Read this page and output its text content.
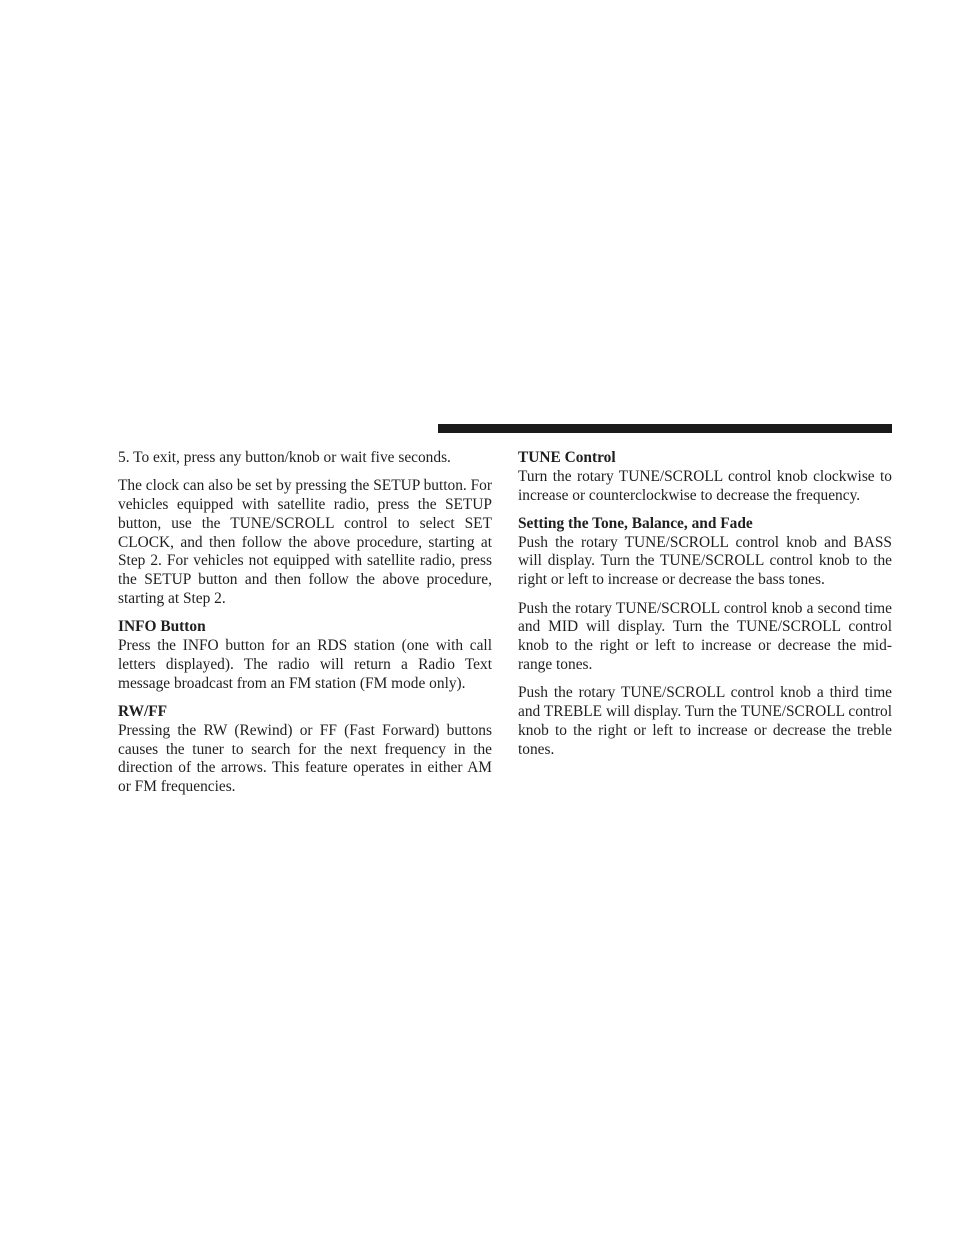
5. To exit, press any button/knob or wait five seconds.

The clock can also be set by pressing the SETUP button. For vehicles equipped with satellite radio, press the SETUP button, use the TUNE/SCROLL control to select SET CLOCK, and then follow the above procedure, starting at Step 2. For vehicles not equipped with satellite radio, press the SETUP button and then follow the above procedure, starting at Step 2.

INFO Button

Press the INFO button for an RDS station (one with call letters displayed). The radio will return a Radio Text message broadcast from an FM station (FM mode only).

RW/FF

Pressing the RW (Rewind) or FF (Fast Forward) buttons causes the tuner to search for the next frequency in the direction of the arrows. This feature operates in either AM or FM frequencies.

TUNE Control

Turn the rotary TUNE/SCROLL control knob clockwise to increase or counterclockwise to decrease the frequency.

Setting the Tone, Balance, and Fade

Push the rotary TUNE/SCROLL control knob and BASS will display. Turn the TUNE/SCROLL control knob to the right or left to increase or decrease the bass tones.

Push the rotary TUNE/SCROLL control knob a second time and MID will display. Turn the TUNE/SCROLL control knob to the right or left to increase or decrease the mid-range tones.

Push the rotary TUNE/SCROLL control knob a third time and TREBLE will display. Turn the TUNE/SCROLL control knob to the right or left to increase or decrease the treble tones.
